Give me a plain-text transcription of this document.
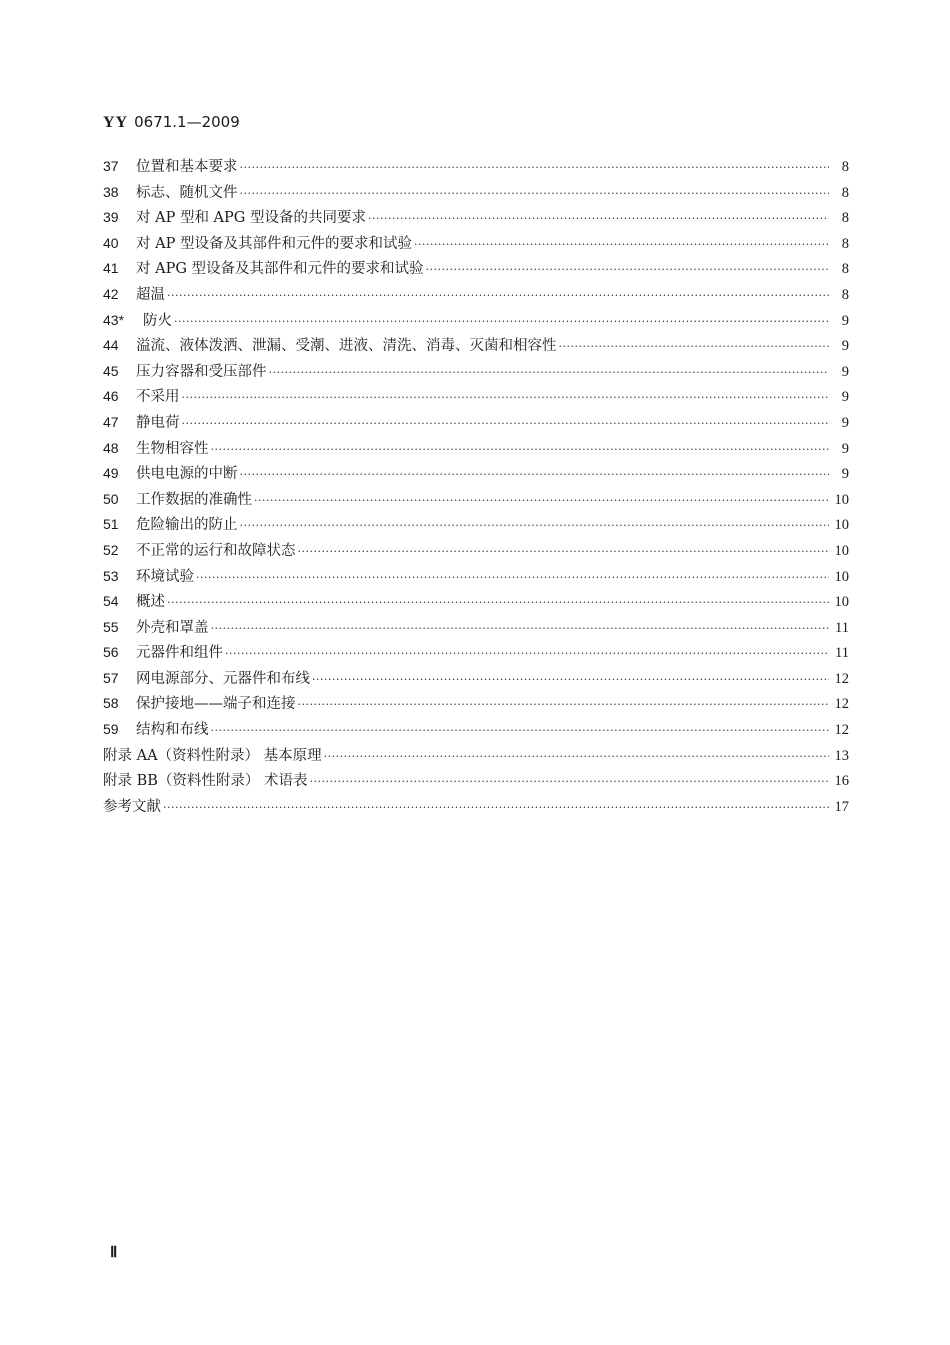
YY 0671.1—2009
37	位置和基本要求 ·····	8
38	标志、随机文件 ·····	8
39	对 AP 型和 APG 型设备的共同要求 ·····	8
40	对 AP 型设备及其部件和元件的要求和试验 ·····	8
41	对 APG 型设备及其部件和元件的要求和试验 ·····	8
42	超温 ·····	8
43*	防火 ·····	9
44	溢流、液体泼洒、泄漏、受潮、进液、清洗、消毒、灭菌和相容性 ·····	9
45	压力容器和受压部件 ·····	9
46	不采用 ·····	9
47	静电荷 ·····	9
48	生物相容性 ·····	9
49	供电电源的中断 ·····	9
50	工作数据的准确性 ·····	10
51	危险输出的防止 ·····	10
52	不正常的运行和故障状态 ·····	10
53	环境试验 ·····	10
54	概述 ·····	10
55	外壳和罩盖 ·····	11
56	元器件和组件 ·····	11
57	网电源部分、元器件和布线 ·····	12
58	保护接地——端子和连接 ·····	12
59	结构和布线 ·····	12
附录 AA（资料性附录） 基本原理 ·····	13
附录 BB（资料性附录） 术语表 ·····	16
参考文献 ·····	17
Ⅱ
